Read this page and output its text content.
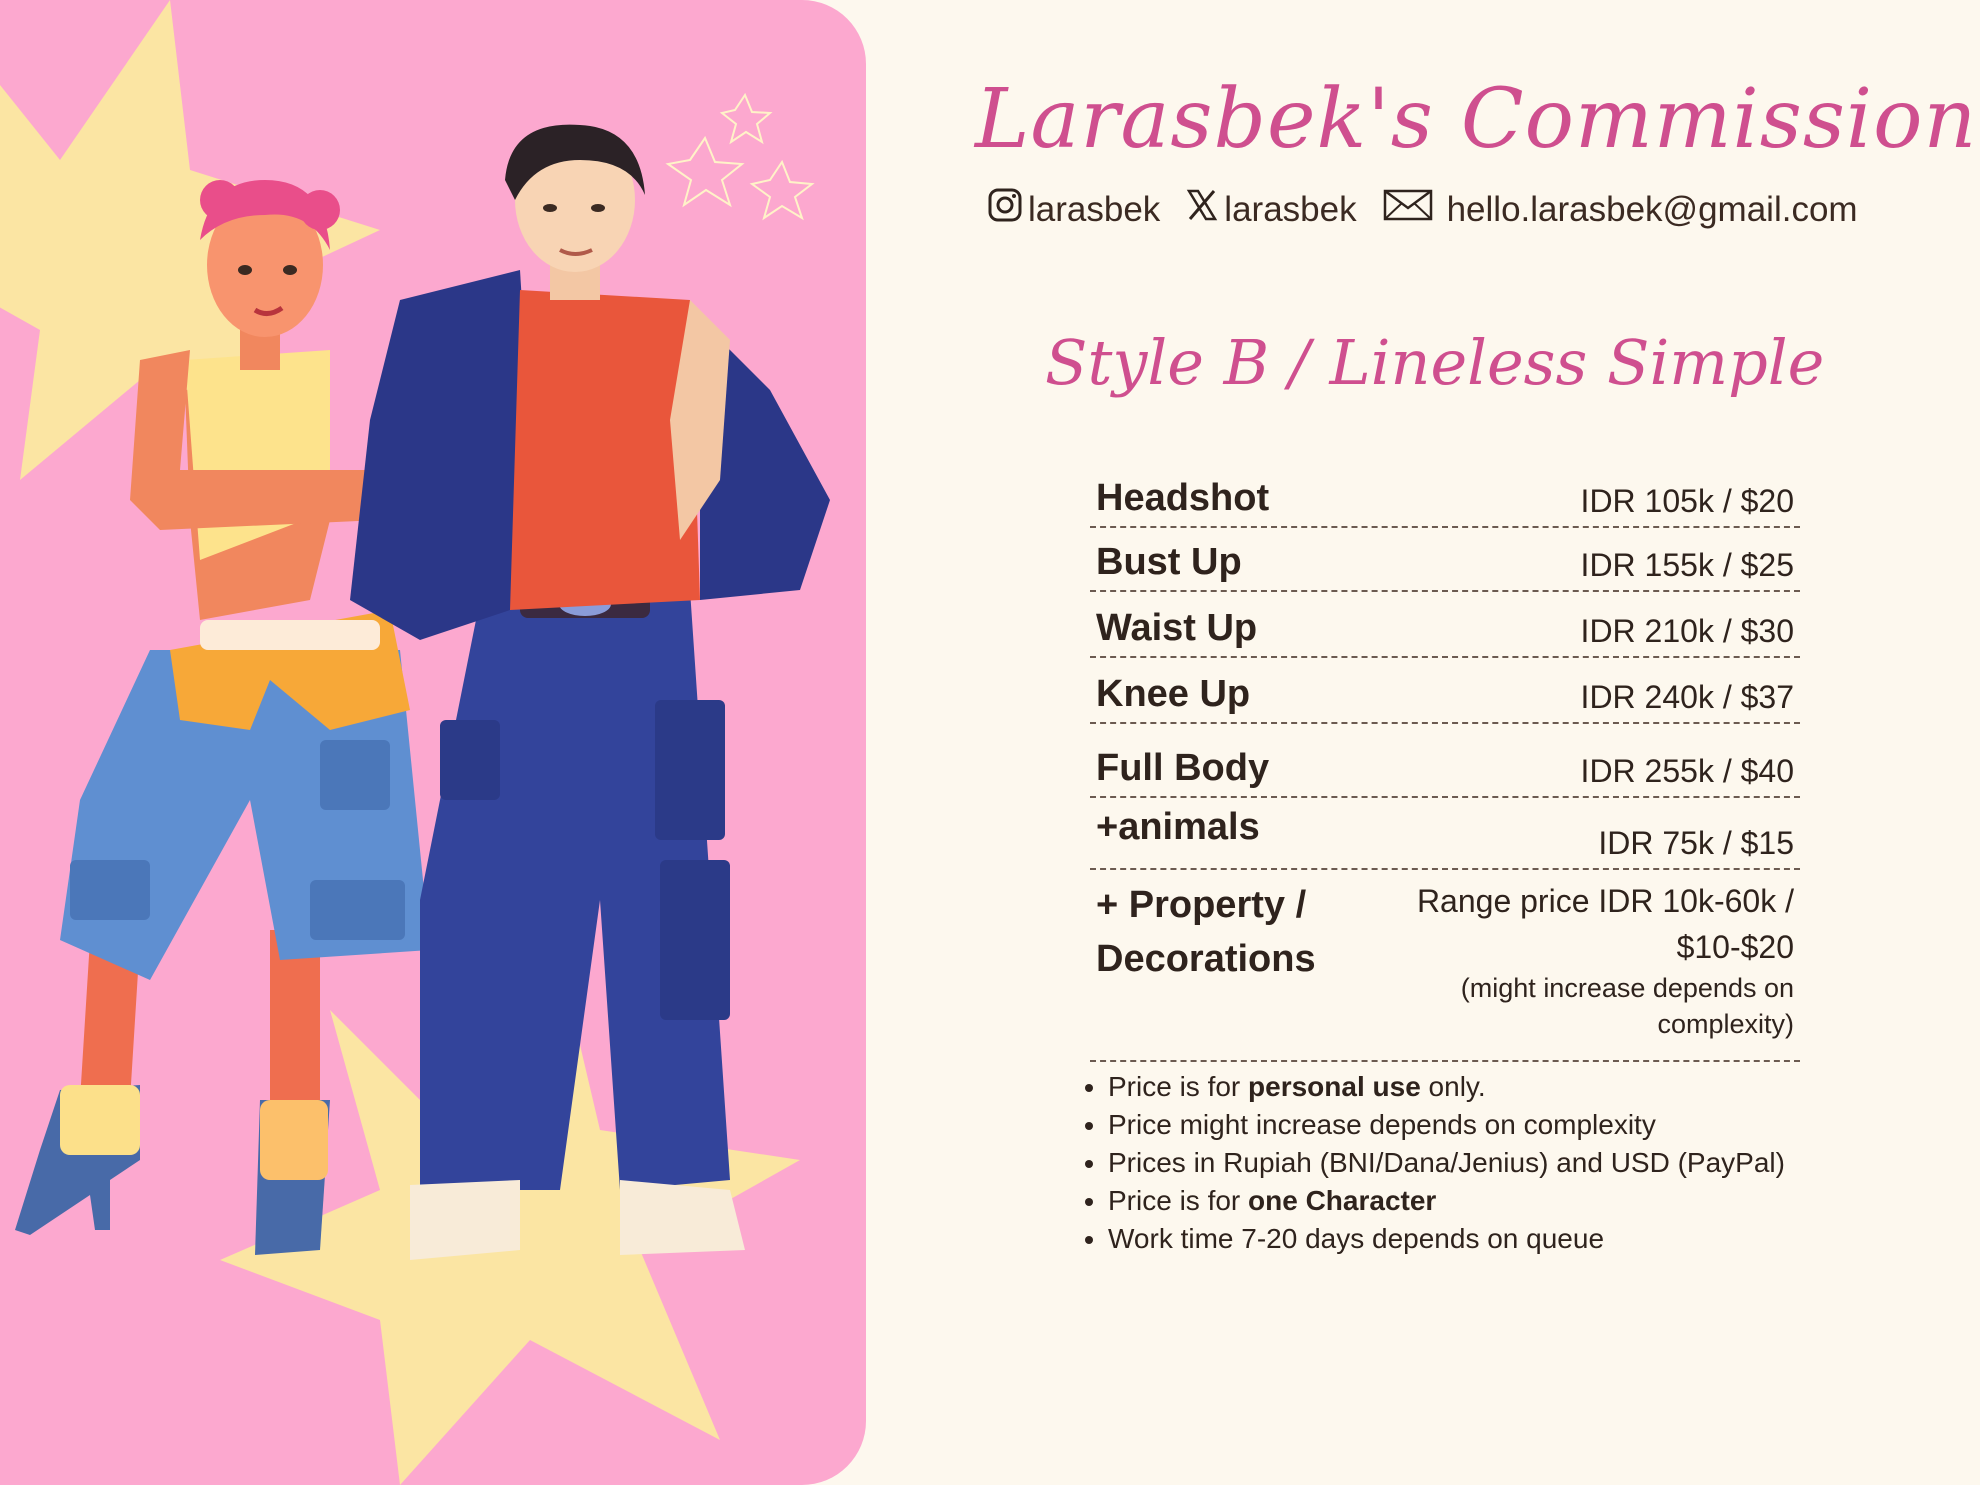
Larasbek's Commission
larasbek larasbek	hello.larasbek@gmail.com
Style B / Lineless Simple
Headshot	IDR 105k / $20
Bust Up	IDR 155k / $25
Waist Up	IDR 210k / $30
Knee Up	IDR 240k / $37
Full Body	IDR 255k / $40
+animals	IDR 75k / $15
+ Property / Decorations
Range price IDR 10k-60k /
$10-$20
(might increase depends on complexity)
• Price is for personal use only.
• Price might increase depends on complexity
• Prices in Rupiah (BNI/Dana/Jenius) and USD (PayPal)
• Price is for one Character
• Work time 7-20 days depends on queue
